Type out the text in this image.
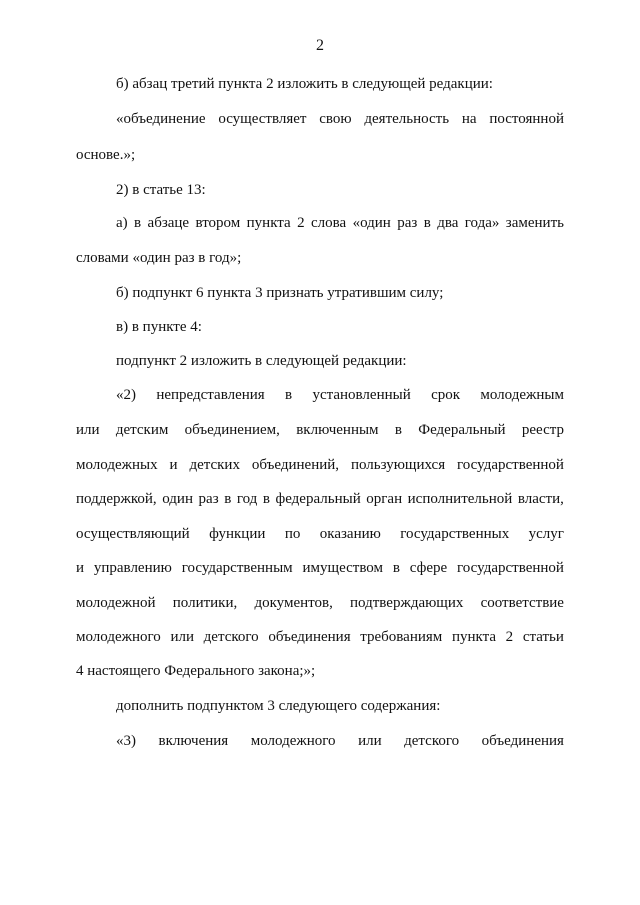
2
б) абзац третий пункта 2 изложить в следующей редакции:
«объединение осуществляет свою деятельность на постоянной
основе.»;
2) в статье 13:
а) в абзаце втором пункта 2 слова «один раз в два года» заменить
словами «один раз в год»;
б) подпункт 6 пункта 3 признать утратившим силу;
в) в пункте 4:
подпункт 2 изложить в следующей редакции:
«2) непредставления в установленный срок молодежным
или детским объединением, включенным в Федеральный реестр
молодежных и детских объединений, пользующихся государственной
поддержкой, один раз в год в федеральный орган исполнительной власти,
осуществляющий функции по оказанию государственных услуг
и управлению государственным имуществом в сфере государственной
молодежной политики, документов, подтверждающих соответствие
молодежного или детского объединения требованиям пункта 2 статьи
4 настоящего Федерального закона;»;
дополнить подпунктом 3 следующего содержания:
«3) включения молодежного или детского объединения
